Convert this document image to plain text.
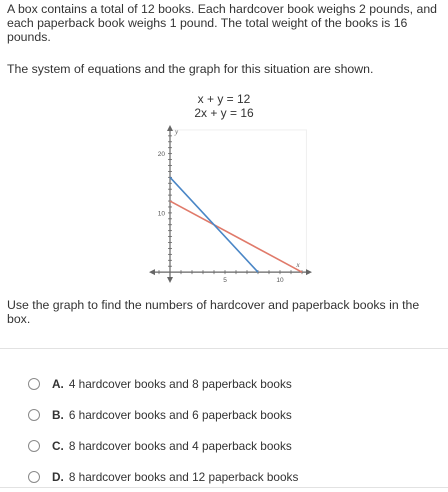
A box contains a total of 12 books. Each hardcover book weighs 2 pounds, and each paperback book weighs 1 pound. The total weight of the books is 16 pounds.
The system of equations and the graph for this situation are shown.
x + y = 12
2x + y = 16
5	10
10
20
x
y
Use the graph to find the numbers of hardcover and paperback books in the box.
A. 4 hardcover books and 8 paperback books
B. 6 hardcover books and 6 paperback books
C. 8 hardcover books and 4 paperback books
D. 8 hardcover books and 12 paperback books
